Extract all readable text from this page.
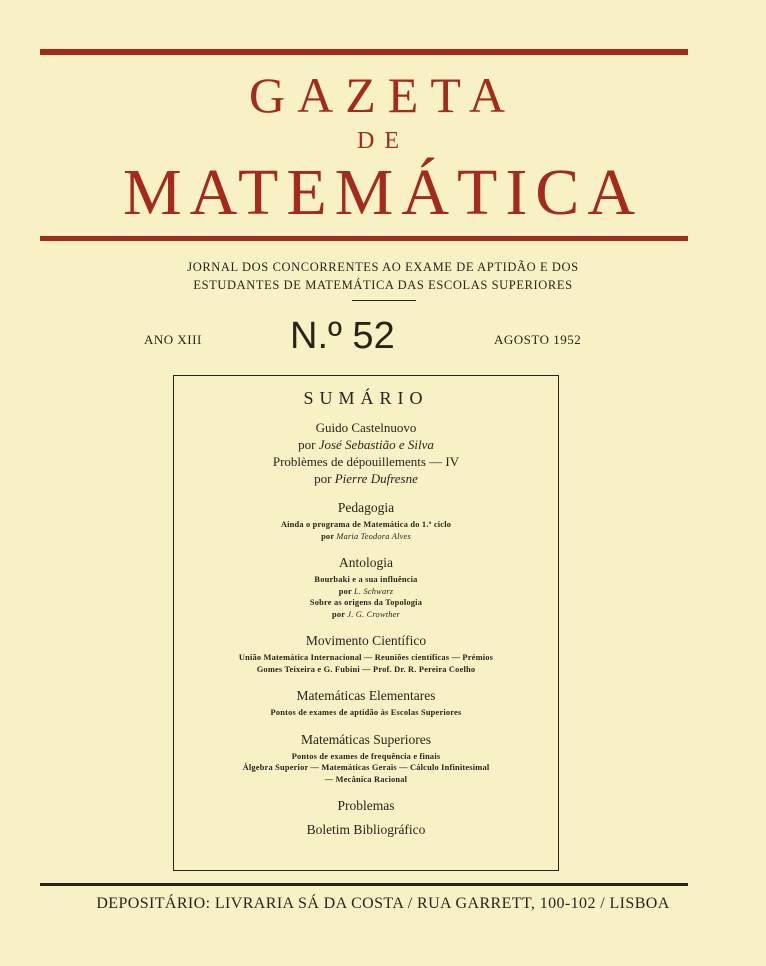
GAZETA
DE
MATEMÁTICA
JORNAL DOS CONCORRENTES AO EXAME DE APTIDÃO E DOS
ESTUDANTES DE MATEMÁTICA DAS ESCOLAS SUPERIORES
ANO XIII N.º 52	AGOSTO 1952
SUMÁRIO
Guido Castelnuovo
por José Sebastião e Silva
Problèmes de dépouillements — IV
por Pierre Dufresne
Pedagogia
Ainda o programa de Matemática do 1.º ciclo
por Maria Teodora Alves
Antologia
Bourbaki e a sua influência
por L. Schwarz
Sobre as origens da Topologia
por J. G. Crowther
Movimento Científico
União Matemática Internacional — Reuniões científicas — Prémios
Gomes Teixeira e G. Fubini — Prof. Dr. R. Pereira Coelho
Matemáticas Elementares
Pontos de exames de aptidão às Escolas Superiores
Matemáticas Superiores
Pontos de exames de frequência e finais
Álgebra Superior — Matemáticas Gerais — Cálculo Infinitesimal
— Mecânica Racional
Problemas
Boletim Bibliográfico
DEPOSITÁRIO: LIVRARIA SÁ DA COSTA / RUA GARRETT, 100-102 / LISBOA
